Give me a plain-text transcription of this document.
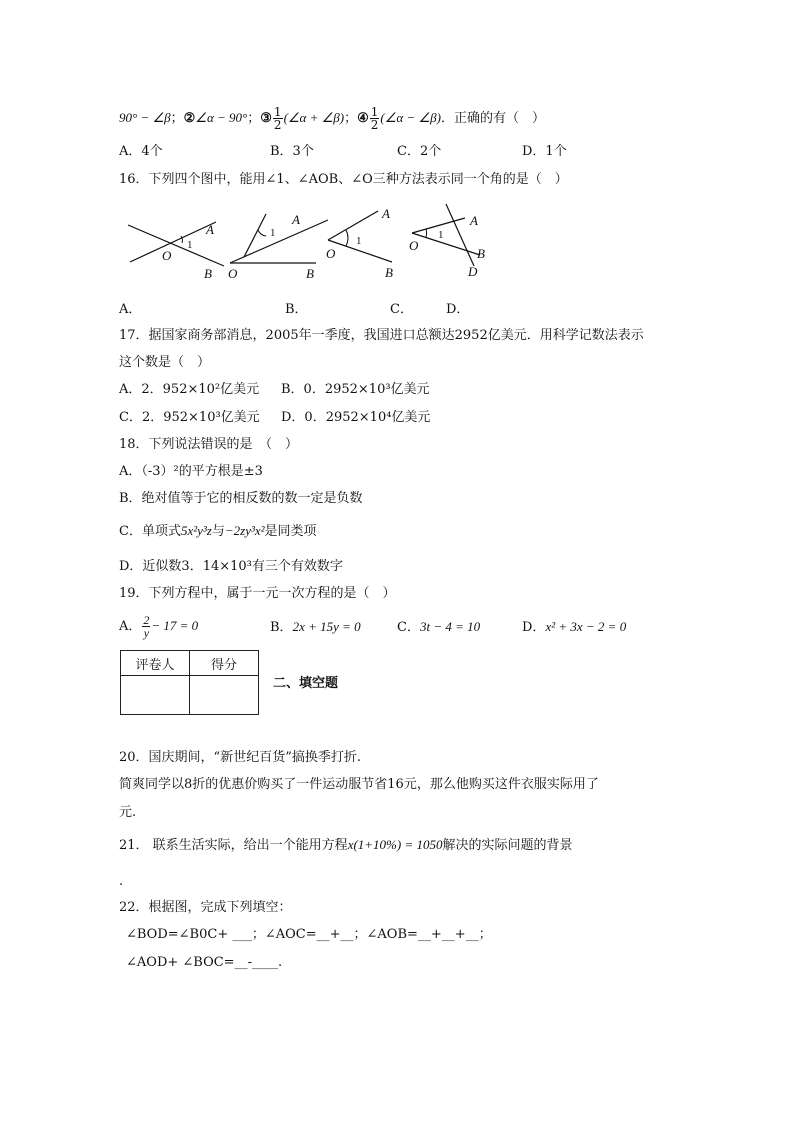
90° − ∠β；②∠α − 90°；③ $\frac{1}{2}$ (∠α + ∠β)；④ $\frac{1}{2}$ (∠α − ∠β)．正确的有（　）
A．4个	B．3个	C．2个	D．1个
16．下列四个图中，能用∠1、∠AOB、∠O三种方法表示同一个角的是（　）
A
1
O
B
A
1
O	B
A
1
O
B
A
1
O
B
D
A．	B．	C．	D．
17．据国家商务部消息，2005年一季度，我国进口总额达2952亿美元．用科学记数法表示
这个数是（　）
A．2．952×10²亿美元 B．0．2952×10³亿美元
C．2．952×10³亿美元 D．0．2952×10⁴亿美元
18．下列说法错误的是　（　）
A．（-3）²的平方根是±3
B．绝对值等于它的相反数的数一定是负数
C．单项式5x²y³z与−2zy³x²是同类项
D．近似数3．14×10³有三个有效数字
19．下列方程中，属于一元一次方程的是（　）
A． $\frac{2}{y} - 17 = 0$	B．2x + 15y = 0	C．3t − 4 = 10	D．x² + 3x − 2 = 0
评卷人	得分

二、填空题
20．国庆期间，“新世纪百货”搞换季打折.
简爽同学以8折的优惠价购买了一件运动服节省16元，那么他购买这件衣服实际用了
元.
21． 联系生活实际，给出一个能用方程x(1+10%) = 1050解决的实际问题的背景
.
22．根据图，完成下列填空：
∠BOD=∠B0C+ ___；∠AOC=__+__；∠AOB=__+__+__；
∠AOD+ ∠BOC=__-____.
